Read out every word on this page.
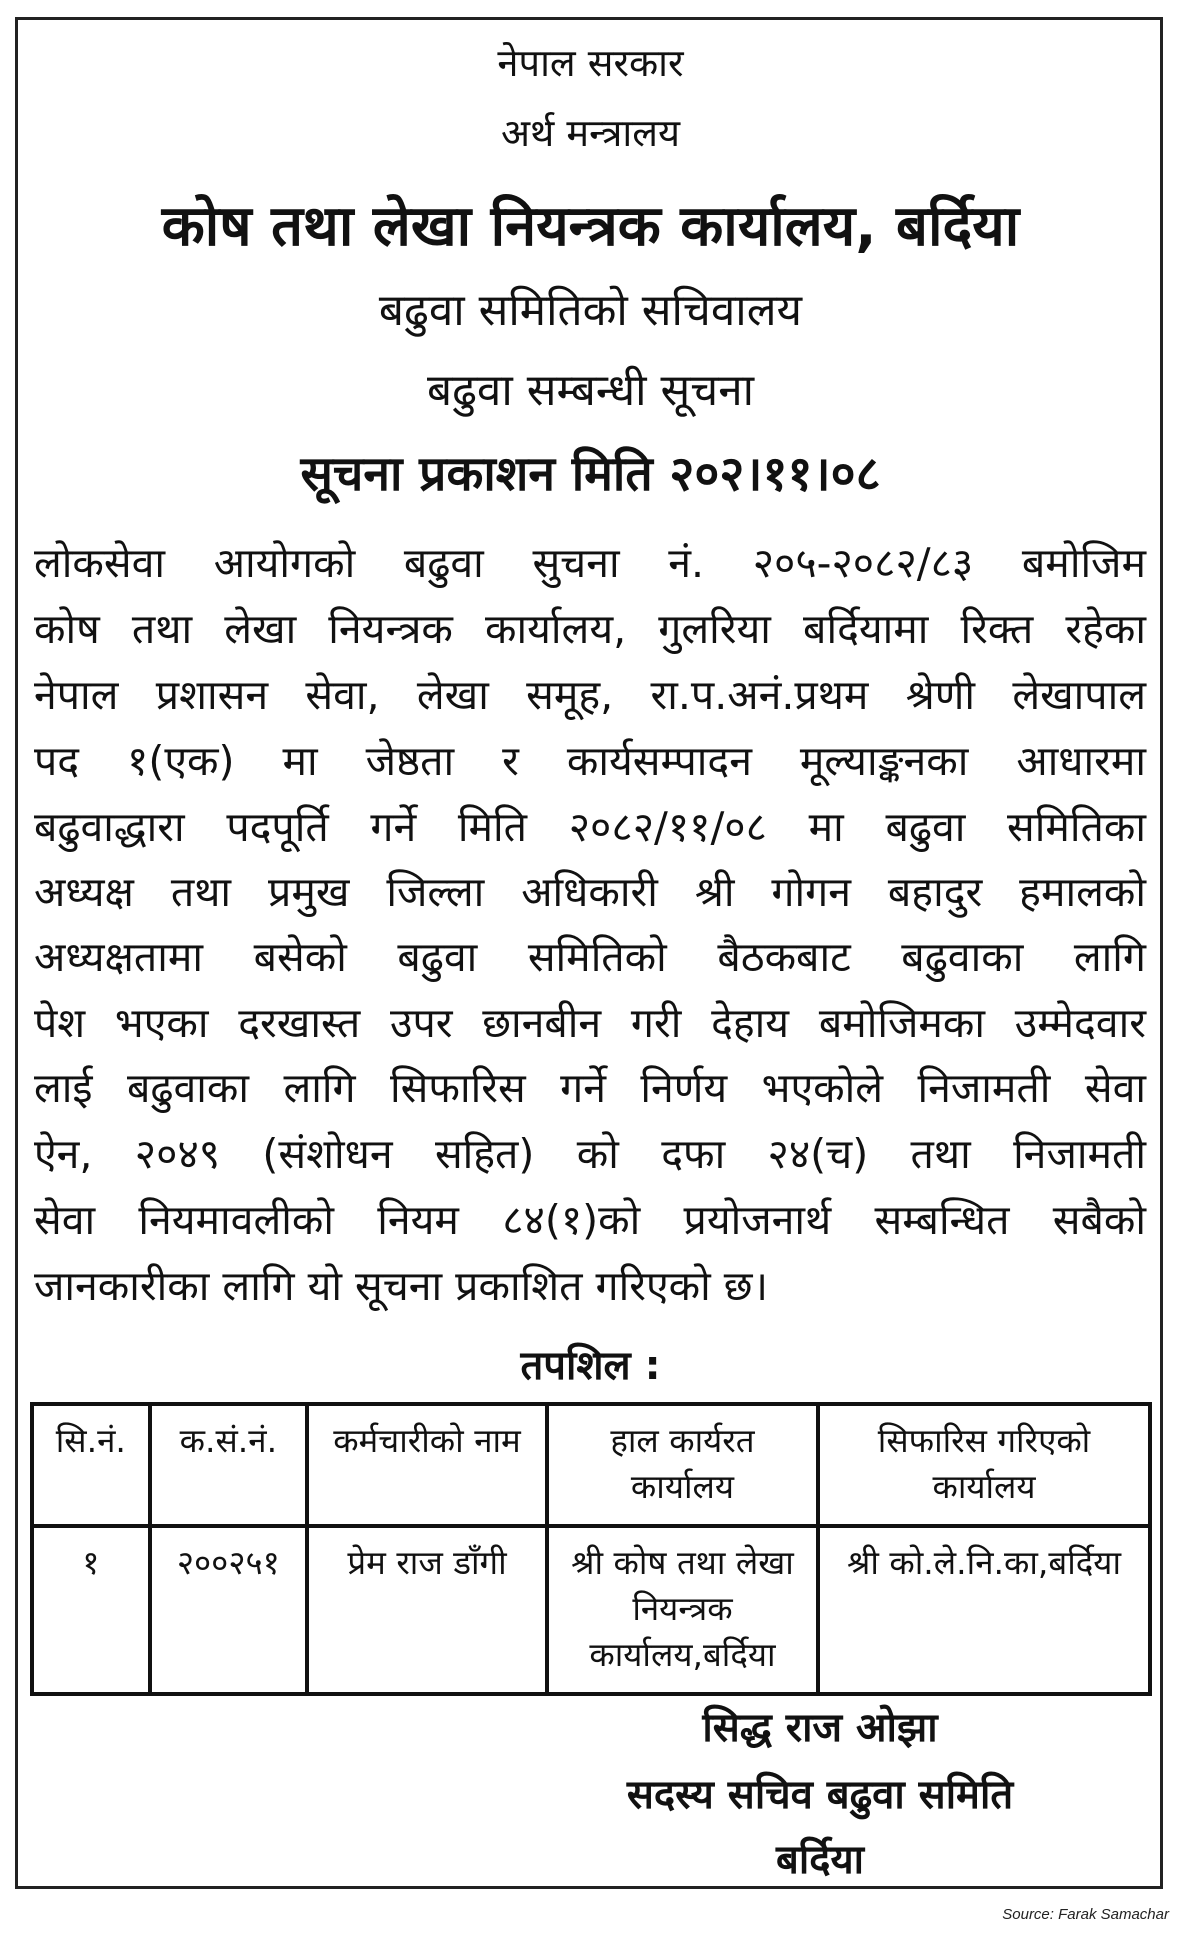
नेपाल सरकार
अर्थ मन्त्रालय
कोष तथा लेखा नियन्त्रक कार्यालय, बर्दिया
बढुवा समितिको सचिवालय
बढुवा सम्बन्धी सूचना
सूचना प्रकाशन मिति २०२।११।०८
लोकसेवा आयोगको बढुवा सुचना नं. २०५-२०८२/८३ बमोजिम
कोष तथा लेखा नियन्त्रक कार्यालय, गुलरिया बर्दियामा रिक्त रहेका
नेपाल प्रशासन सेवा, लेखा समूह, रा.प.अनं.प्रथम श्रेणी लेखापाल
पद १(एक) मा जेष्ठता र कार्यसम्पादन मूल्याङ्कनका आधारमा
बढुवाद्धारा पदपूर्ति गर्ने मिति २०८२/११/०८ मा बढुवा समितिका
अध्यक्ष तथा प्रमुख जिल्ला अधिकारी श्री गोगन बहादुर हमालको
अध्यक्षतामा बसेको बढुवा समितिको बैठकबाट बढुवाका लागि
पेश भएका दरखास्त उपर छानबीन गरी देहाय बमोजिमका उम्मेदवार
लाई बढुवाका लागि सिफारिस गर्ने निर्णय भएकोले निजामती सेवा
ऐन, २०४९ (संशोधन सहित) को दफा २४(च) तथा निजामती
सेवा नियमावलीको नियम ८४(१)को प्रयोजनार्थ सम्बन्धित सबैको
जानकारीका लागि यो सूचना प्रकाशित गरिएको छ।
तपशिल :
सि.नं.	क.सं.नं.	कर्मचारीको नाम	हाल कार्यरत कार्यालय	सिफारिस गरिएको कार्यालय
१	२००२५१	प्रेम राज डाँगी	श्री कोष तथा लेखा नियन्त्रक कार्यालय,बर्दिया	श्री को.ले.नि.का,बर्दिया
सिद्ध राज ओझा
सदस्य सचिव बढुवा समिति
बर्दिया
Source: Farak Samachar
